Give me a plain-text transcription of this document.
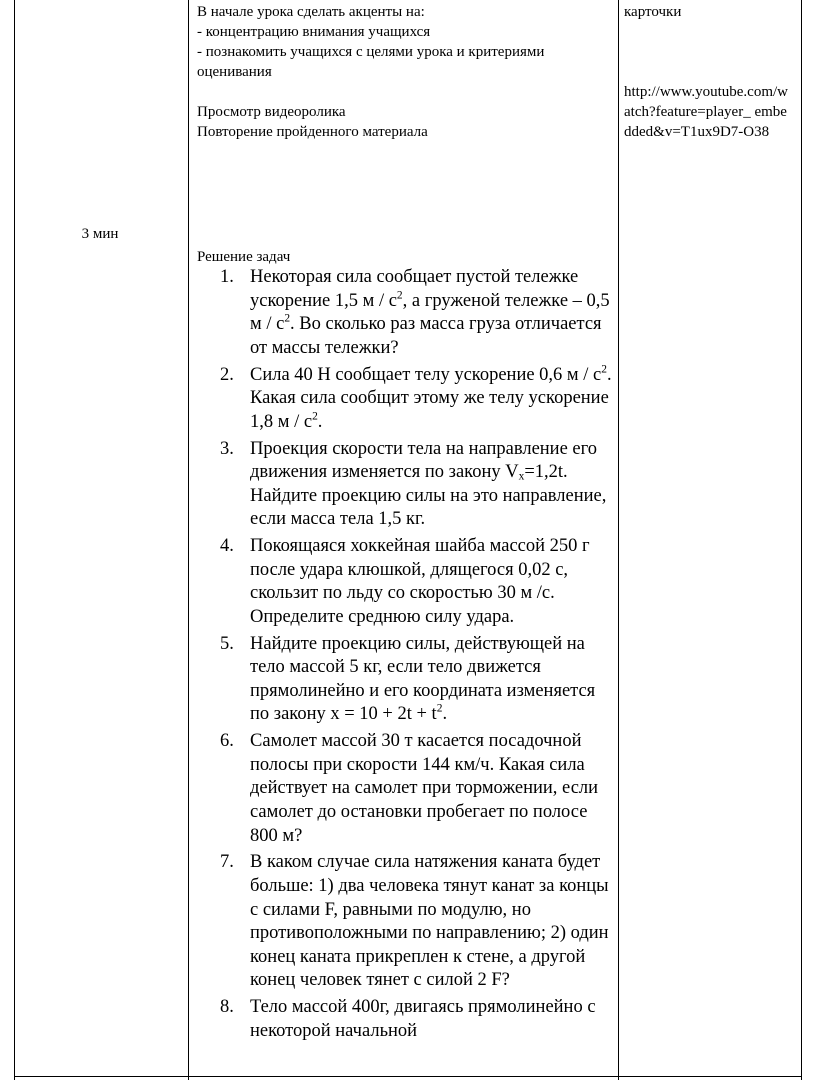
3 мин

В начале урока сделать акценты на:

- концентрацию внимания учащихся

- познакомить учащихся с целями урока и критериями оценивания

Просмотр видеоролика

Повторение пройденного материала

карточки

http://www.youtube.com/watch?feature=player_ embedded&v=T1ux9D7-O38

Решение задач

1. Некоторая сила сообщает пустой тележке ускорение 1,5 м / $с^2$, а груженой тележке – 0,5 м / $с^2$. Во сколько раз масса груза отличается от массы тележки?
2. Сила 40 Н сообщает телу ускорение 0,6 м / $с^2$. Какая сила сообщит этому же телу ускорение 1,8 м / $с^2$.
3. Проекция скорости тела на направление его движения изменяется по закону $V_х=1,2t$. Найдите проекцию силы на это направление, если масса тела 1,5 кг.
4. Покоящаяся хоккейная шайба массой 250 г после удара клюшкой, длящегося 0,02 с, скользит по льду со скоростью 30 м /с. Определите среднюю силу удара.
5. Найдите проекцию силы, действующей на тело массой 5 кг, если тело движется прямолинейно и его координата изменяется по закону $х = 10 + 2t + t^2$.
6. Самолет массой 30 т касается посадочной полосы при скорости 144 км/ч. Какая сила действует на самолет при торможении, если самолет до остановки пробегает по полосе 800 м?
7. В каком случае сила натяжения каната будет больше: 1) два человека тянут канат за концы с силами F, равными по модулю, но противоположными по направлению; 2) один конец каната прикреплен к стене, а другой конец человек тянет с силой 2 F?
8. Тело массой 400г, двигаясь прямолинейно с некоторой начальной
